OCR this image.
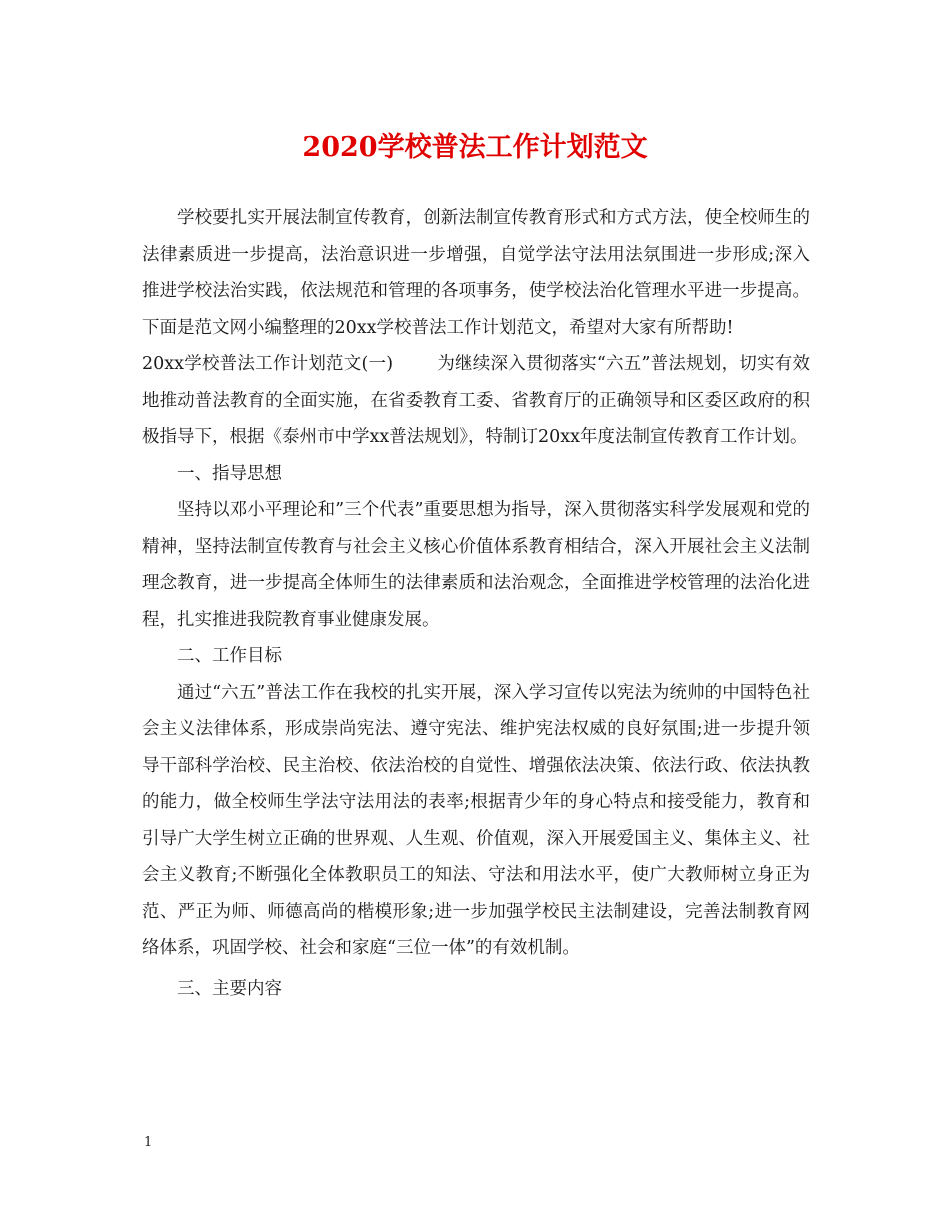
2020学校普法工作计划范文

学校要扎实开展法制宣传教育，创新法制宣传教育形式和方式方法，使全校师生的法律素质进一步提高，法治意识进一步增强，自觉学法守法用法氛围进一步形成;深入推进学校法治实践，依法规范和管理的各项事务，使学校法治化管理水平进一步提高。下面是范文网小编整理的20xx学校普法工作计划范文，希望对大家有所帮助!

20xx学校普法工作计划范文(一)	为继续深入贯彻落实“六五”普法规划，切实有效地推动普法教育的全面实施，在省委教育工委、省教育厅的正确领导和区委区政府的积极指导下，根据《泰州市中学xx普法规划》，特制订20xx年度法制宣传教育工作计划。

一、指导思想

坚持以邓小平理论和”三个代表”重要思想为指导，深入贯彻落实科学发展观和党的精神，坚持法制宣传教育与社会主义核心价值体系教育相结合，深入开展社会主义法制理念教育，进一步提高全体师生的法律素质和法治观念，全面推进学校管理的法治化进程，扎实推进我院教育事业健康发展。

二、工作目标

通过“六五”普法工作在我校的扎实开展，深入学习宣传以宪法为统帅的中国特色社会主义法律体系，形成崇尚宪法、遵守宪法、维护宪法权威的良好氛围;进一步提升领导干部科学治校、民主治校、依法治校的自觉性、增强依法决策、依法行政、依法执教的能力，做全校师生学法守法用法的表率;根据青少年的身心特点和接受能力，教育和引导广大学生树立正确的世界观、人生观、价值观，深入开展爱国主义、集体主义、社会主义教育;不断强化全体教职员工的知法、守法和用法水平，使广大教师树立身正为范、严正为师、师德高尚的楷模形象;进一步加强学校民主法制建设，完善法制教育网络体系，巩固学校、社会和家庭“三位一体”的有效机制。

三、主要内容

1
